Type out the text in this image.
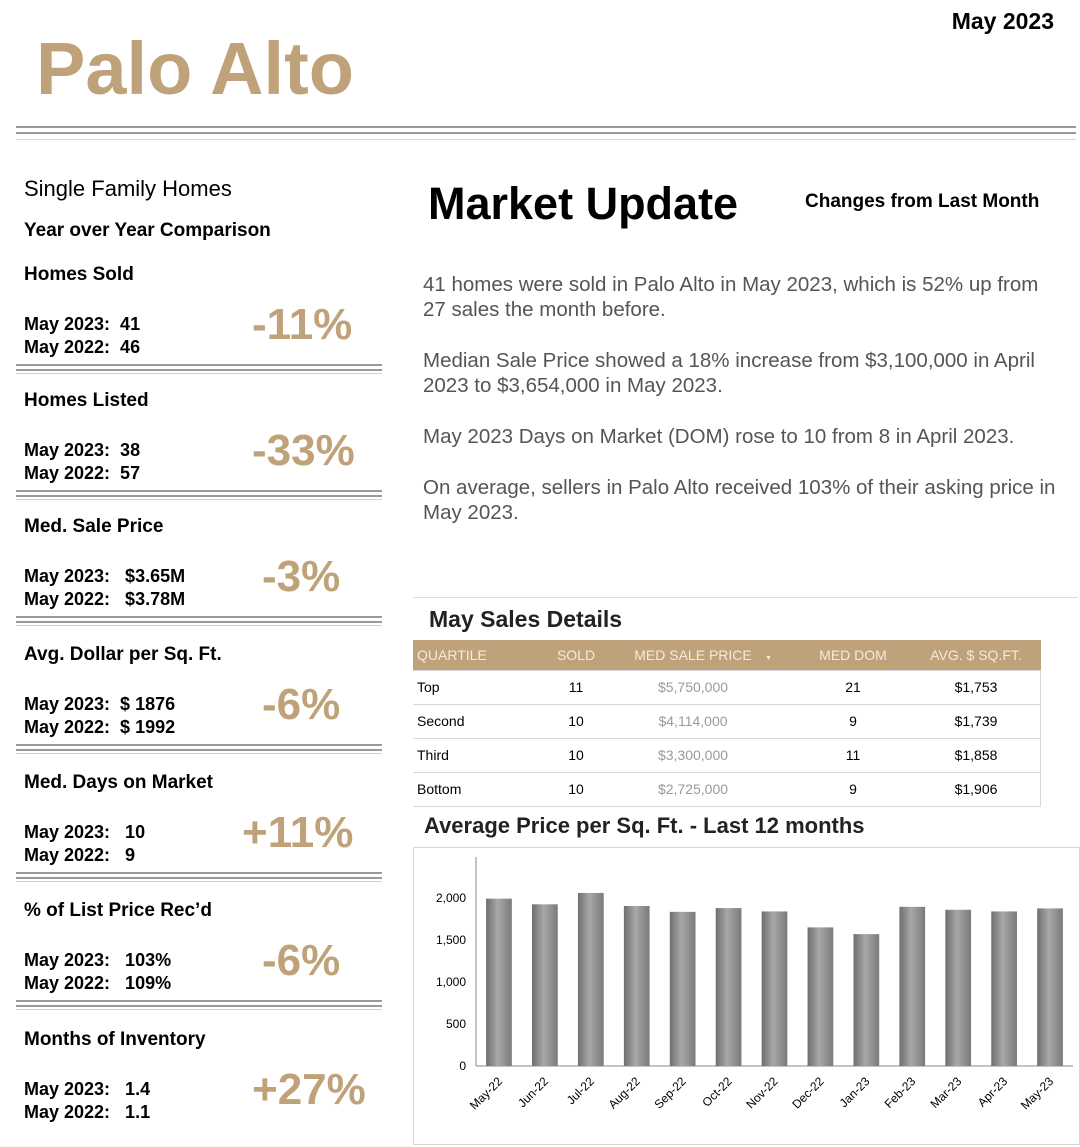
May 2023
Palo Alto
Single Family Homes
Year over Year Comparison
Homes Sold
May 2023:  41
May 2022:  46	-11%
Homes Listed
May 2023:  38
May 2022:  57	-33%
Med. Sale Price
May 2023:   $3.65M
May 2022:   $3.78M -3%
Avg. Dollar per Sq. Ft.
May 2023:  $ 1876
May 2022:  $ 1992 -6%
Med. Days on Market
May 2023:   10
May 2022:   9 +11%
% of List Price Rec’d
May 2023:   103%
May 2022:   109% -6%
Months of Inventory
May 2023:   1.4
May 2022:   1.1 +27%
Market Update	Changes from Last Month

41 homes were sold in Palo Alto in May 2023, which is 52% up from 27 sales the month before.

Median Sale Price showed a 18% increase from $3,100,000 in April 2023 to $3,654,000 in May 2023.

May 2023 Days on Market (DOM) rose to 10 from 8 in April 2023.

On average, sellers in Palo Alto received 103% of their asking price in May 2023.

May Sales Details
QUARTILE	SOLD	MED SALE PRICE	▼	MED DOM	AVG. $ SQ.FT.
Top	11	$5,750,000		21	$1,753
Second	10	$4,114,000		9	$1,739
Third	10	$3,300,000		11	$1,858
Bottom	10	$2,725,000		9	$1,906
Average Price per Sq. Ft. - Last 12 months
0
500
1,000
1,500
2,000
May-22 Jun-22 Jul-22 Aug-22 Sep-22 Oct-22 Nov-22 Dec-22 Jan-23 Feb-23 Mar-23 Apr-23 May-23
